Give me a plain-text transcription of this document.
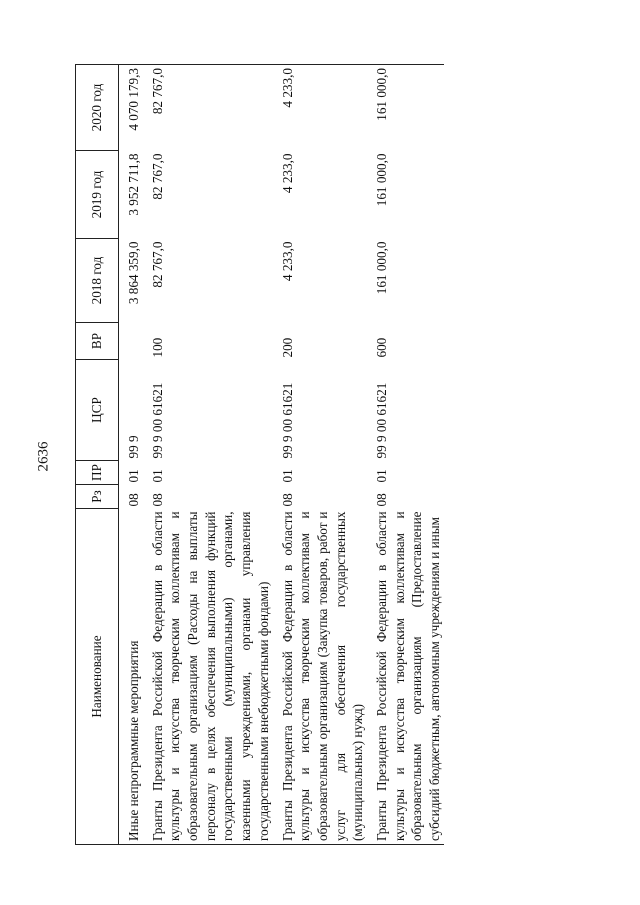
2636
Наименование	Рз	ПР	ЦСР	ВР	2018 год	2019 год	2020 год
Иные непрограммные мероприятия	08	01	99 9		3 864 359,0	3 952 711,8	4 070 179,3
Гранты Президента Российской Федерации в области культуры и искусства творческим коллективам и образовательным организациям (Расходы на выплаты персоналу в целях обеспечения выполнения функций государственными (муниципальными) органами, казенными учреждениями, органами управления государственными внебюджетными фондами)	08	01	99 9 00 61621	100	82 767,0	82 767,0	82 767,0
Гранты Президента Российской Федерации в области культуры и искусства творческим коллективам и образовательным организациям (Закупка товаров, работ и услуг для обеспечения государственных (муниципальных) нужд)	08	01	99 9 00 61621	200	4 233,0	4 233,0	4 233,0
Гранты Президента Российской Федерации в области культуры и искусства творческим коллективам и образовательным организациям (Предоставление субсидий бюджетным, автономным учреждениям и иным	08	01	99 9 00 61621	600	161 000,0	161 000,0	161 000,0
